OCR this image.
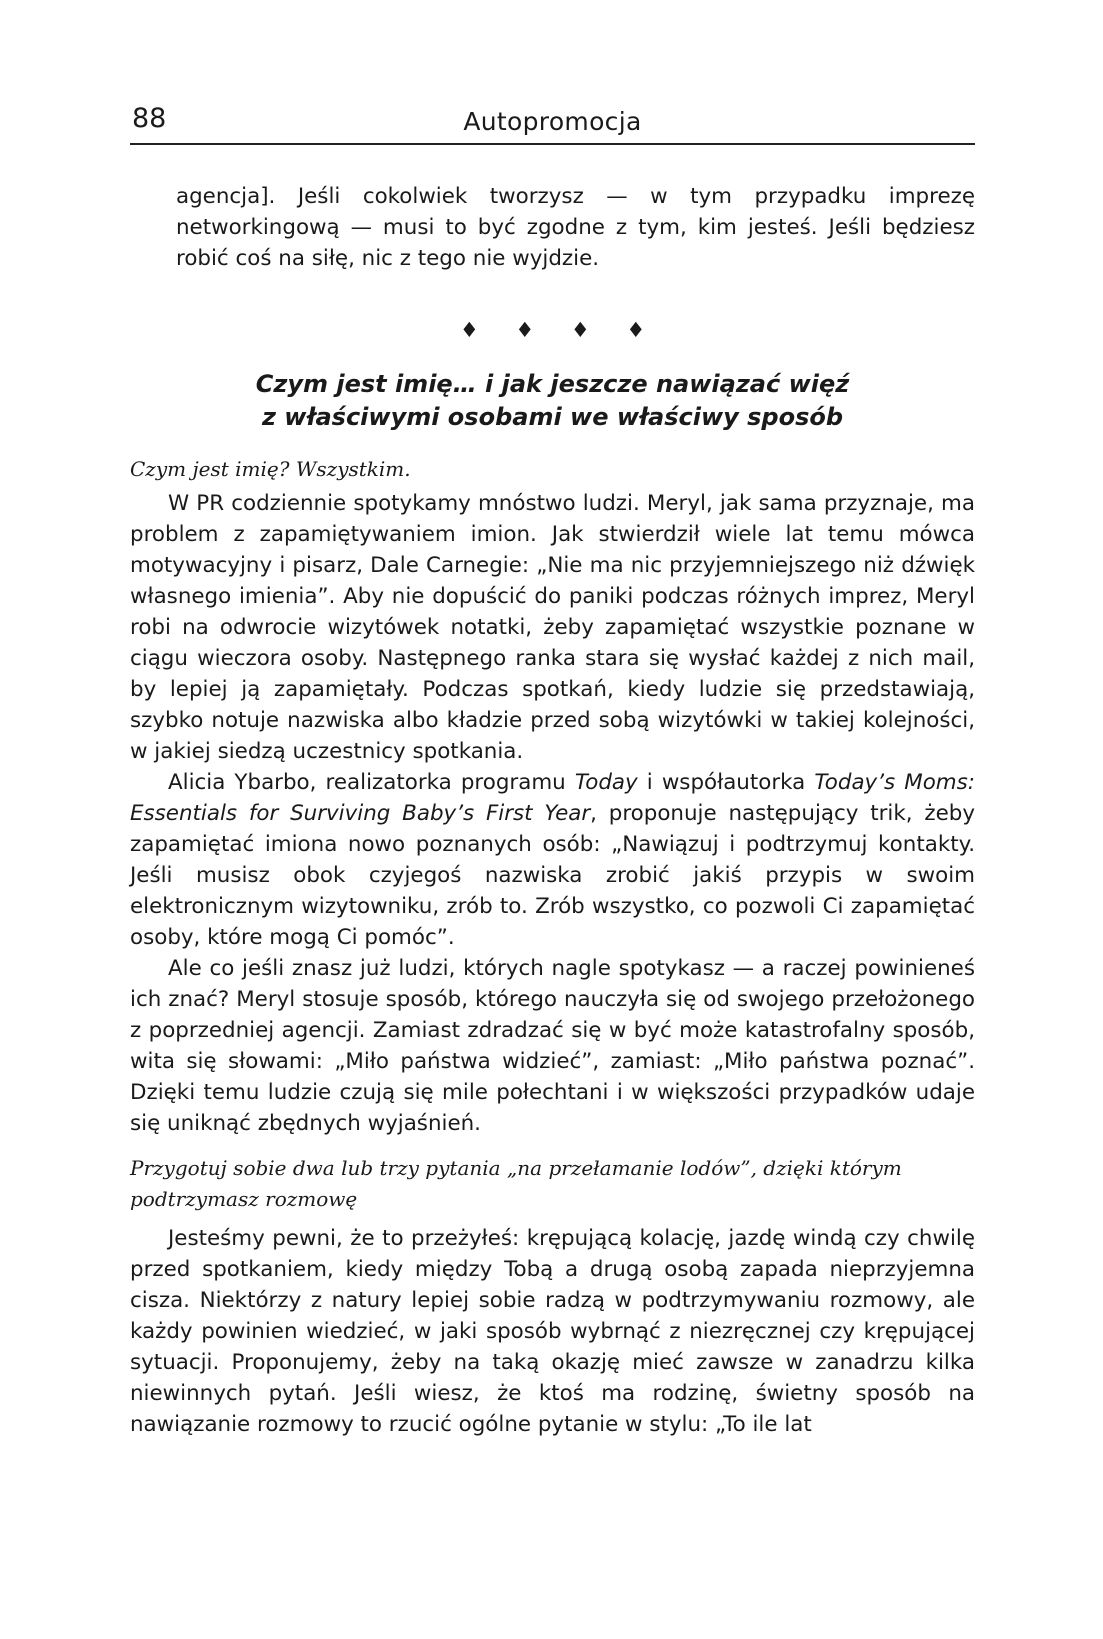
88	Autopromocja

agencja]. Jeśli cokolwiek tworzysz — w tym przypadku imprezę networkingową — musi to być zgodne z tym, kim jesteś. Jeśli będziesz robić coś na siłę, nic z tego nie wyjdzie.

♦ ♦ ♦ ♦
Czym jest imię… i jak jeszcze nawiązać więź
z właściwymi osobami we właściwy sposób

Czym jest imię? Wszystkim.

W PR codziennie spotykamy mnóstwo ludzi. Meryl, jak sama przyznaje, ma problem z zapamiętywaniem imion. Jak stwierdził wiele lat temu mówca motywacyjny i pisarz, Dale Carnegie: „Nie ma nic przyjemniejszego niż dźwięk własnego imienia”. Aby nie dopuścić do paniki podczas różnych imprez, Meryl robi na odwrocie wizytówek notatki, żeby zapamiętać wszystkie poznane w ciągu wieczora osoby. Następnego ranka stara się wysłać każdej z nich mail, by lepiej ją zapamiętały. Podczas spotkań, kiedy ludzie się przedstawiają, szybko notuje nazwiska albo kładzie przed sobą wizytówki w takiej kolejności, w jakiej siedzą uczestnicy spotkania.

Alicia Ybarbo, realizatorka programu Today i współautorka Today’s Moms: Essentials for Surviving Baby’s First Year, proponuje następujący trik, żeby zapamiętać imiona nowo poznanych osób: „Nawiązuj i podtrzymuj kontakty. Jeśli musisz obok czyjegoś nazwiska zrobić jakiś przypis w swoim elektronicznym wizytowniku, zrób to. Zrób wszystko, co pozwoli Ci zapamiętać osoby, które mogą Ci pomóc”.

Ale co jeśli znasz już ludzi, których nagle spotykasz — a raczej powinieneś ich znać? Meryl stosuje sposób, którego nauczyła się od swojego przełożonego z poprzedniej agencji. Zamiast zdradzać się w być może katastrofalny sposób, wita się słowami: „Miło państwa widzieć”, zamiast: „Miło państwa poznać”. Dzięki temu ludzie czują się mile połechtani i w większości przypadków udaje się uniknąć zbędnych wyjaśnień.

Przygotuj sobie dwa lub trzy pytania „na przełamanie lodów”, dzięki którym podtrzymasz rozmowę

Jesteśmy pewni, że to przeżyłeś: krępującą kolację, jazdę windą czy chwilę przed spotkaniem, kiedy między Tobą a drugą osobą zapada nieprzyjemna cisza. Niektórzy z natury lepiej sobie radzą w podtrzymywaniu rozmowy, ale każdy powinien wiedzieć, w jaki sposób wybrnąć z niezręcznej czy krępującej sytuacji. Proponujemy, żeby na taką okazję mieć zawsze w zanadrzu kilka niewinnych pytań. Jeśli wiesz, że ktoś ma rodzinę, świetny sposób na nawiązanie rozmowy to rzucić ogólne pytanie w stylu: „To ile lat
